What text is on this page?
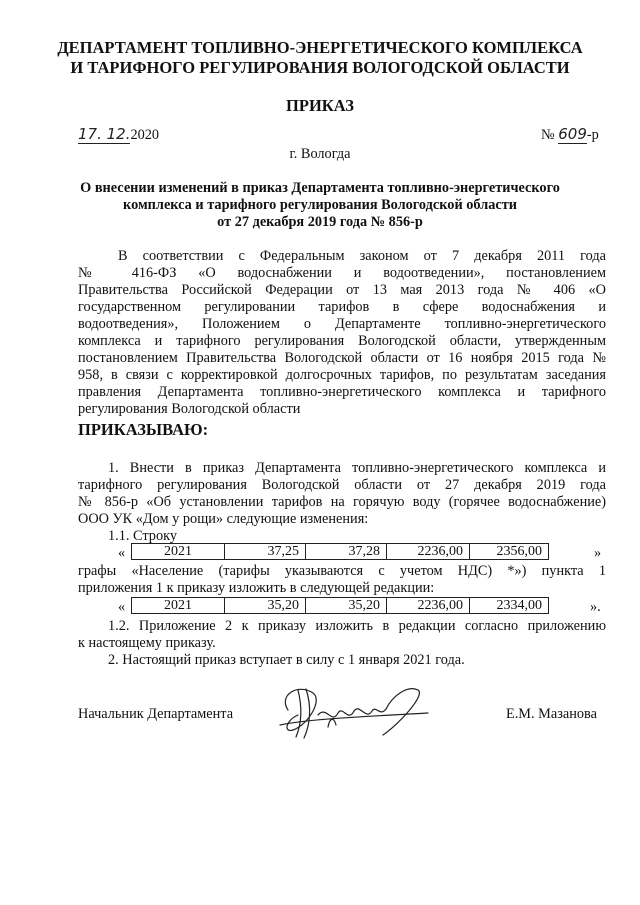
ДЕПАРТАМЕНТ ТОПЛИВНО-ЭНЕРГЕТИЧЕСКОГО КОМПЛЕКСА
И ТАРИФНОГО РЕГУЛИРОВАНИЯ ВОЛОГОДСКОЙ ОБЛАСТИ
ПРИКАЗ
17. 12.2020	№ 609-р
г. Вологда
О внесении изменений в приказ Департамента топливно-энергетического
комплекса и тарифного регулирования Вологодской области
от 27 декабря 2019 года № 856-р
В соответствии с Федеральным законом от 7 декабря 2011 года
№ 416-ФЗ «О водоснабжении и водоотведении», постановлением
Правительства Российской Федерации от 13 мая 2013 года № 406 «О
государственном регулировании тарифов в сфере водоснабжения и
водоотведения», Положением о Департаменте топливно-энергетического
комплекса и тарифного регулирования Вологодской области, утвержденным
постановлением Правительства Вологодской области от 16 ноября 2015 года №
958, в связи с корректировкой долгосрочных тарифов, по результатам заседания
правления Департамента топливно-энергетического комплекса и тарифного
регулирования Вологодской области
ПРИКАЗЫВАЮ:
1. Внести в приказ Департамента топливно-энергетического комплекса и
тарифного регулирования Вологодской области от 27 декабря 2019 года
№ 856-р «Об установлении тарифов на горячую воду (горячее водоснабжение)
ООО УК «Дом у рощи» следующие изменения:
1.1. Строку
«	2021	37,25	37,28	2236,00	2356,00	»
графы «Население (тарифы указываются с учетом НДС) *») пункта 1
приложения 1 к приказу изложить в следующей редакции:
«	2021	35,20	35,20	2236,00	2334,00	».
1.2. Приложение 2 к приказу изложить в редакции согласно приложению
к настоящему приказу.
2. Настоящий приказ вступает в силу с 1 января 2021 года.
Начальник Департамента	Е.М. Мазанова
